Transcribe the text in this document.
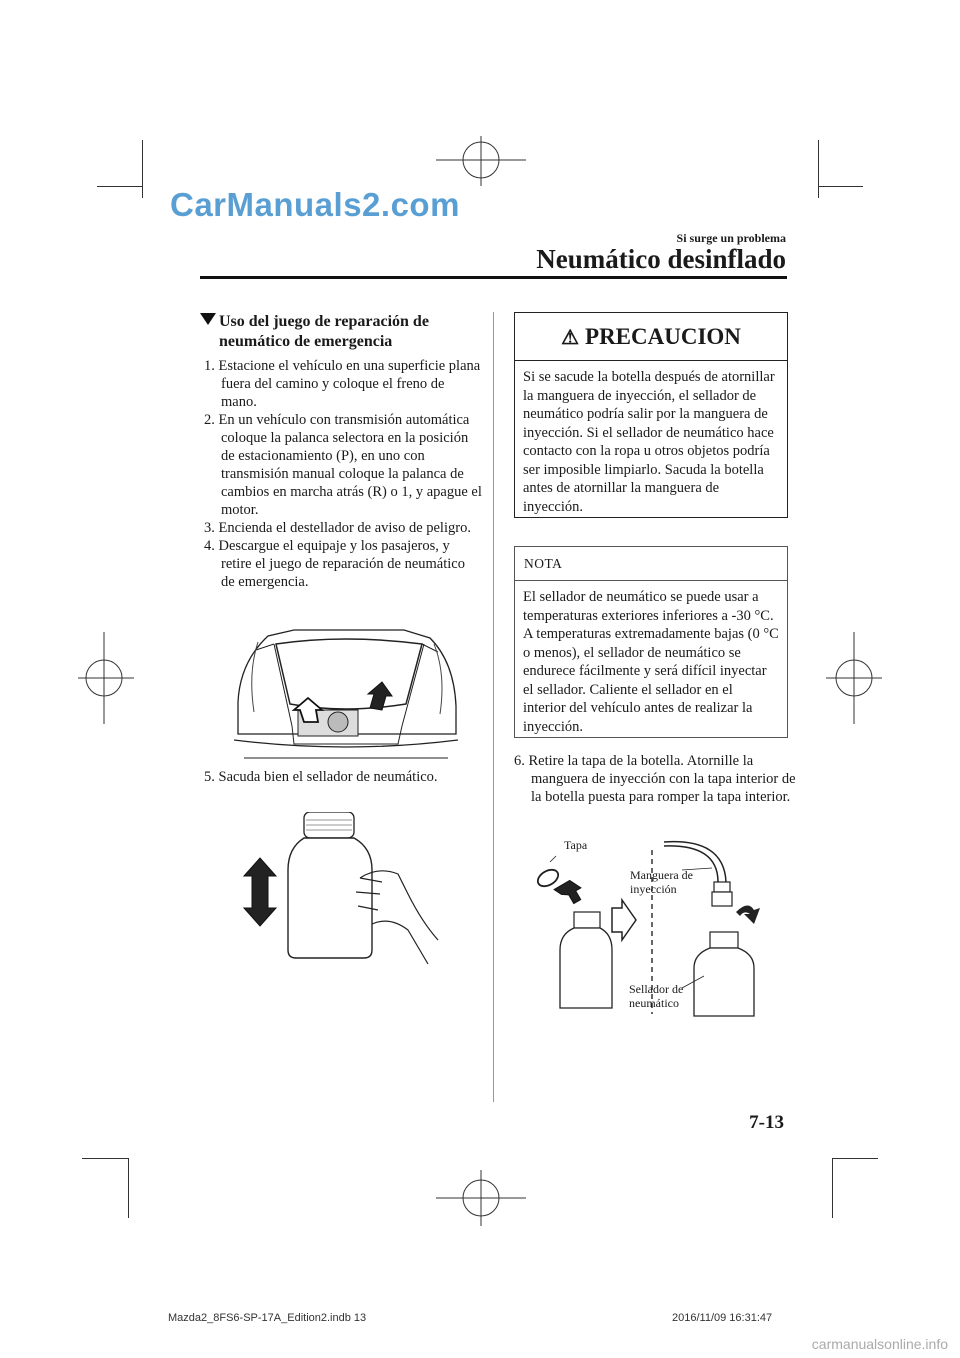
CarManuals2.com
Si surge un problema
Neumático desinflado
Uso del juego de reparación de
neumático de emergencia
1. Estacione el vehículo en una superficie plana fuera del camino y coloque el freno de mano.
2. En un vehículo con transmisión automática coloque la palanca selectora en la posición de estacionamiento (P), en uno con transmisión manual coloque la palanca de cambios en marcha atrás (R) o 1, y apague el motor.
3. Encienda el destellador de aviso de peligro.
4. Descargue el equipaje y los pasajeros, y retire el juego de reparación de neumático de emergencia.
5. Sacuda bien el sellador de neumático.
⚠ PRECAUCION
Si se sacude la botella después de atornillar la manguera de inyección, el sellador de neumático podría salir por la manguera de inyección. Si el sellador de neumático hace contacto con la ropa u otros objetos podría ser imposible limpiarlo. Sacuda la botella antes de atornillar la manguera de inyección.
NOTA
El sellador de neumático se puede usar a temperaturas exteriores inferiores a -30 °C. A temperaturas extremadamente bajas (0 °C o menos), el sellador de neumático se endurece fácilmente y será difícil inyectar el sellador. Caliente el sellador en el interior del vehículo antes de realizar la inyección.
6. Retire la tapa de la botella. Atornille la manguera de inyección con la tapa interior de la botella puesta para romper la tapa interior.
Tapa
Manguera de
inyección
Sellador de
neumático
7-13
Mazda2_8FS6-SP-17A_Edition2.indb 13	2016/11/09 16:31:47
carmanualsonline.info
